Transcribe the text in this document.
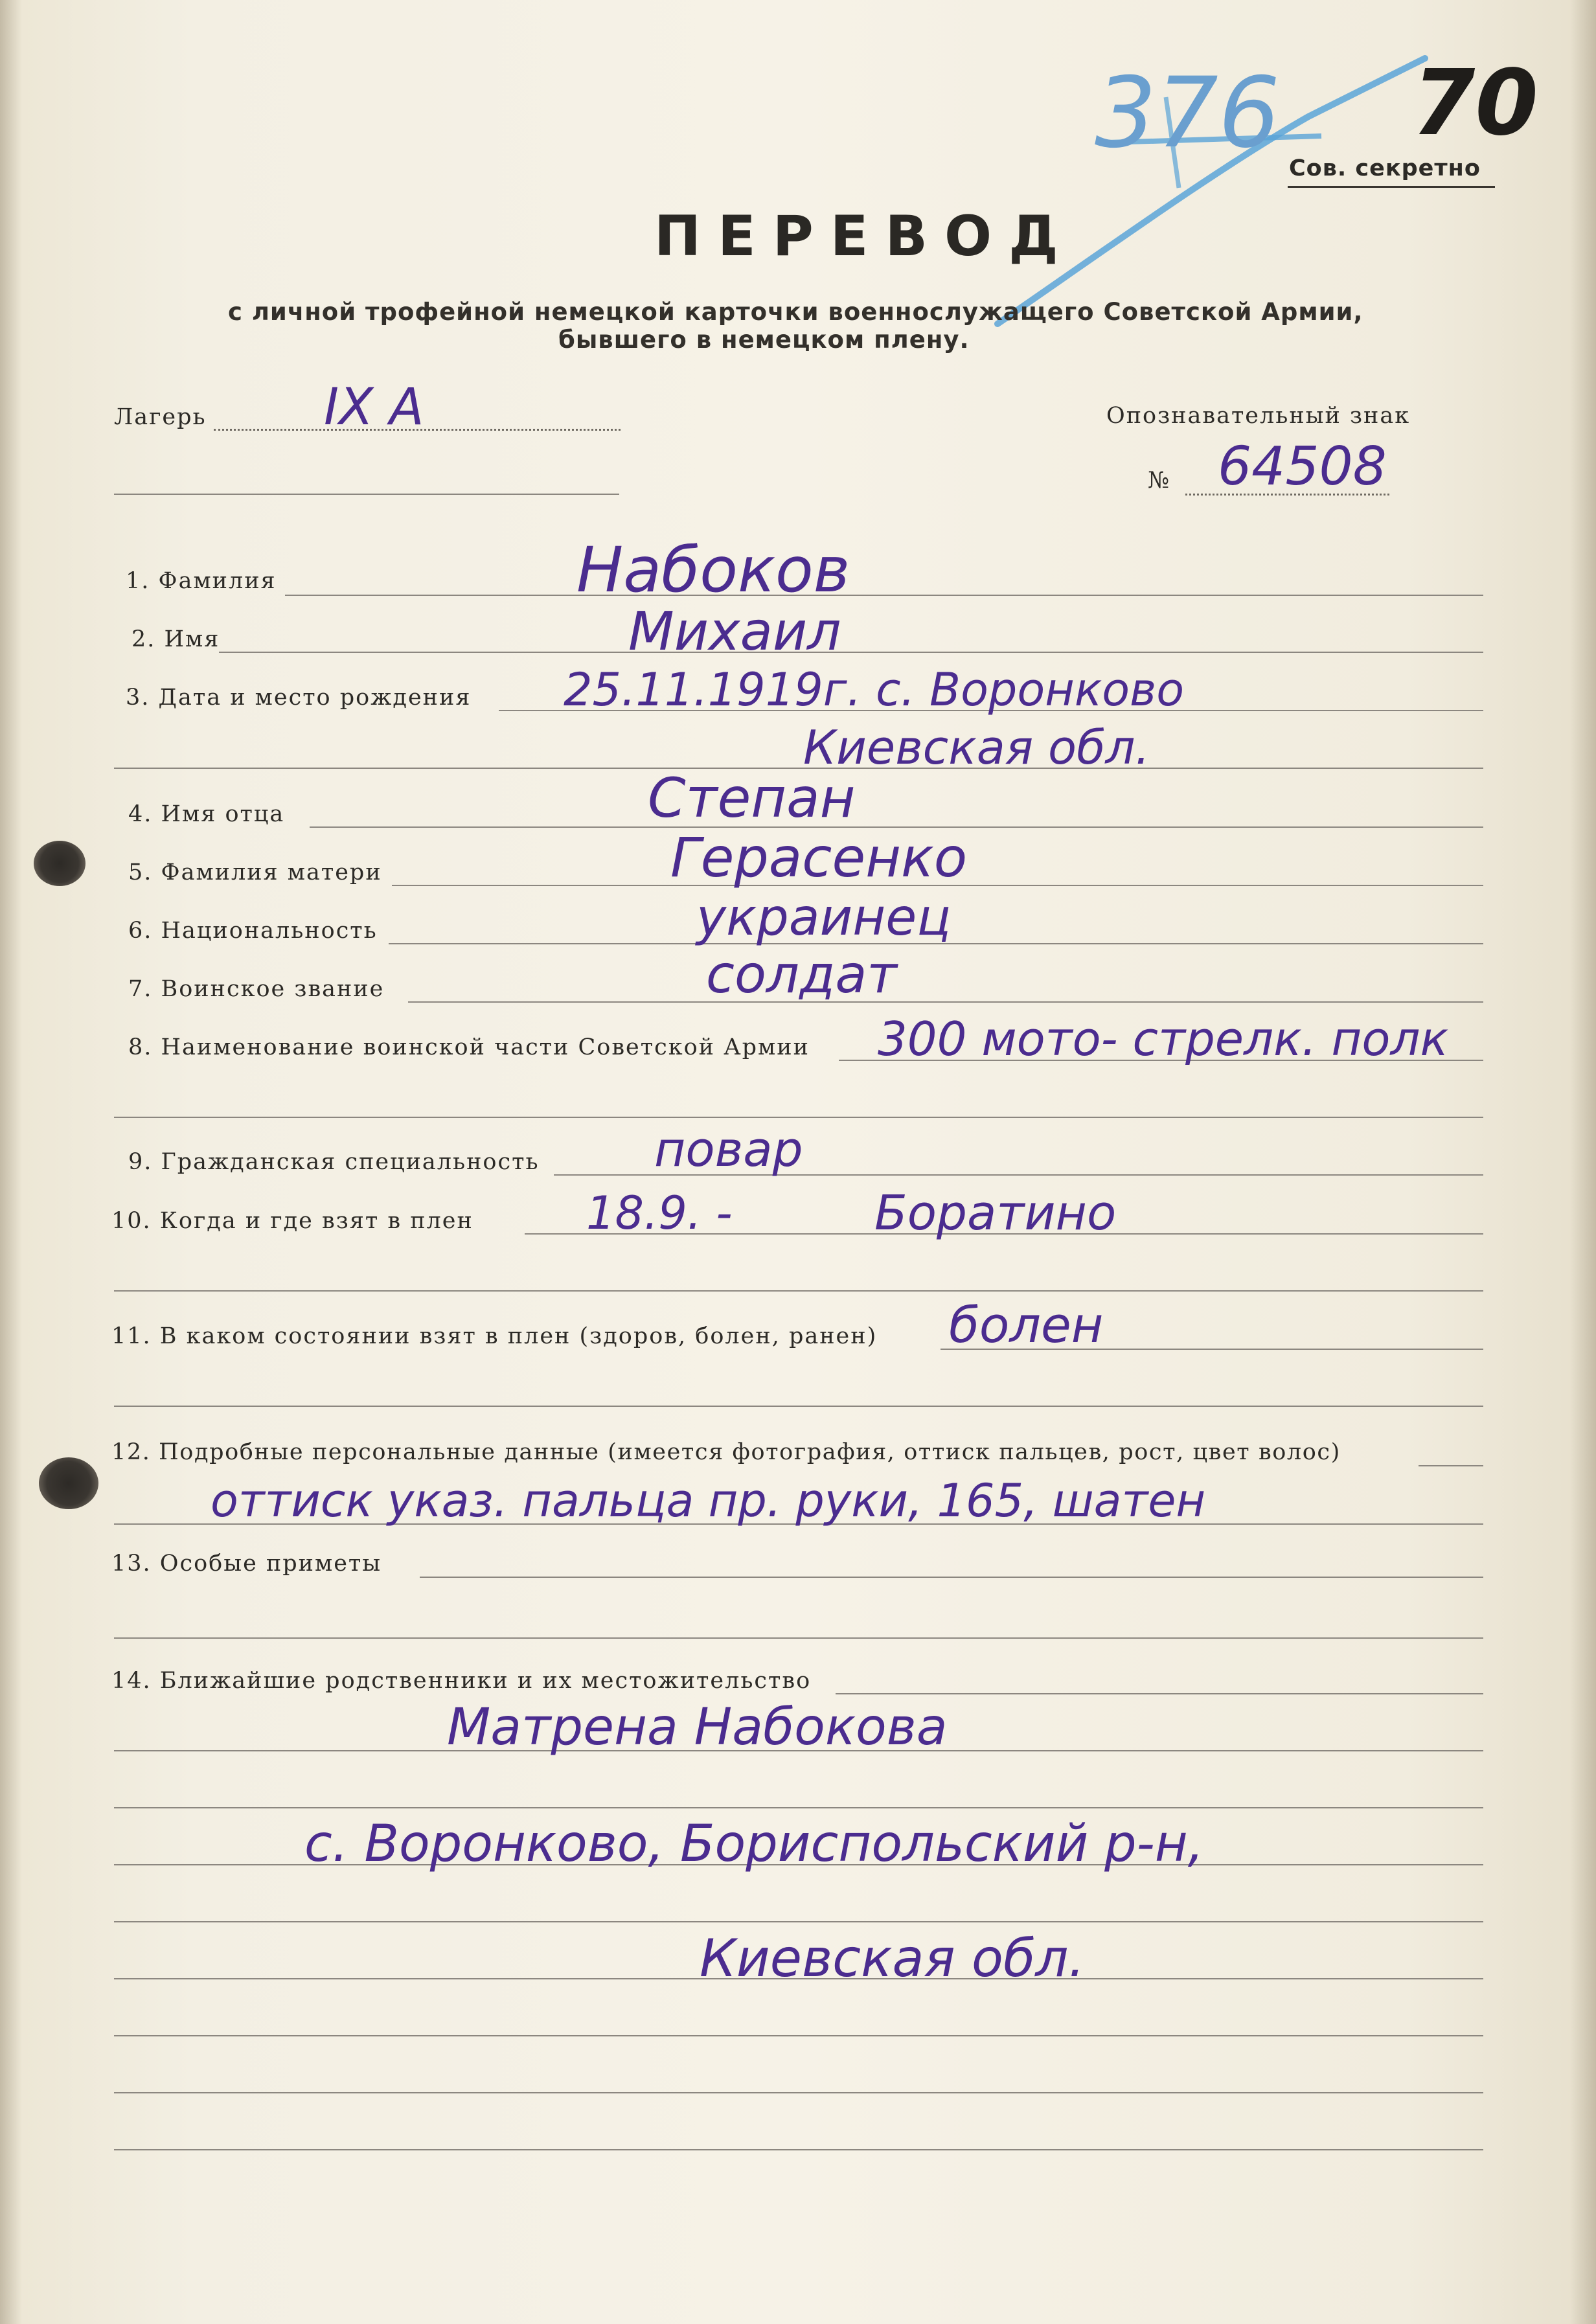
376 70
Сов. секретно
ПЕРЕВОД
с личной трофейной немецкой карточки военнослужащего Советской Армии,
бывшего в немецком плену.
Лагерь IX A	Опознавательный знак
№ 64508
1. Фамилия	Набоков
2. Имя	Михаил
3. Дата и место рождения 25.11.1919г. с. Воронково
Киевская обл.
4. Имя отца	Степан
5. Фамилия матери	Герасенко
6. Национальность	украинец
7. Воинское звание	солдат
8. Наименование воинской части Советской Армии 300 мото- стрелк. полк
9. Гражданская специальность повар
10. Когда и где взят в плен 18.9. -	Боратино
11. В каком состоянии взят в плен (здоров, болен, ранен) болен
12. Подробные персональные данные (имеется фотография, оттиск пальцев, рост, цвет волос)
оттиск указ. пальца пр. руки, 165, шатен
13. Особые приметы
14. Ближайшие родственники и их местожительство
Матрена Набокова
с. Воронково, Бориспольский р-н,
Киевская обл.
